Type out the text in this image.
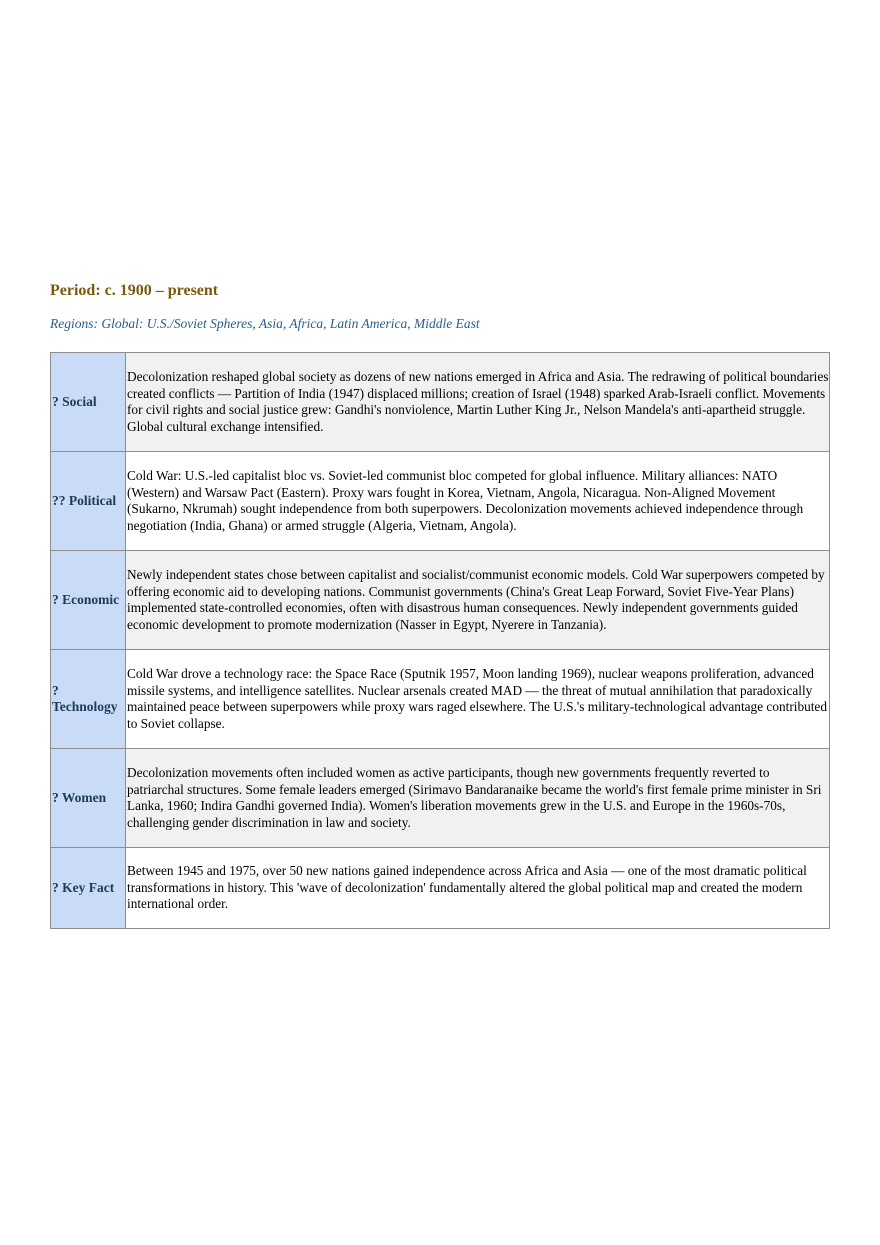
Period: c. 1900 – present

Regions: Global: U.S./Soviet Spheres, Asia, Africa, Latin America, Middle East

? Social	Decolonization reshaped global society as dozens of new nations emerged in Africa and Asia. The redrawing of political boundaries created conflicts — Partition of India (1947) displaced millions; creation of Israel (1948) sparked Arab-Israeli conflict. Movements for civil rights and social justice grew: Gandhi's nonviolence, Martin Luther King Jr., Nelson Mandela's anti-apartheid struggle. Global cultural exchange intensified.
?? Political	Cold War: U.S.-led capitalist bloc vs. Soviet-led communist bloc competed for global influence. Military alliances: NATO (Western) and Warsaw Pact (Eastern). Proxy wars fought in Korea, Vietnam, Angola, Nicaragua. Non-Aligned Movement (Sukarno, Nkrumah) sought independence from both superpowers. Decolonization movements achieved independence through negotiation (India, Ghana) or armed struggle (Algeria, Vietnam, Angola).
? Economic	Newly independent states chose between capitalist and socialist/communist economic models. Cold War superpowers competed by offering economic aid to developing nations. Communist governments (China's Great Leap Forward, Soviet Five-Year Plans) implemented state-controlled economies, often with disastrous human consequences. Newly independent governments guided economic development to promote modernization (Nasser in Egypt, Nyerere in Tanzania).
? Technology	Cold War drove a technology race: the Space Race (Sputnik 1957, Moon landing 1969), nuclear weapons proliferation, advanced missile systems, and intelligence satellites. Nuclear arsenals created MAD — the threat of mutual annihilation that paradoxically maintained peace between superpowers while proxy wars raged elsewhere. The U.S.'s military-technological advantage contributed to Soviet collapse.
? Women	Decolonization movements often included women as active participants, though new governments frequently reverted to patriarchal structures. Some female leaders emerged (Sirimavo Bandaranaike became the world's first female prime minister in Sri Lanka, 1960; Indira Gandhi governed India). Women's liberation movements grew in the U.S. and Europe in the 1960s-70s, challenging gender discrimination in law and society.
? Key Fact	Between 1945 and 1975, over 50 new nations gained independence across Africa and Asia — one of the most dramatic political transformations in history. This 'wave of decolonization' fundamentally altered the global political map and created the modern international order.
